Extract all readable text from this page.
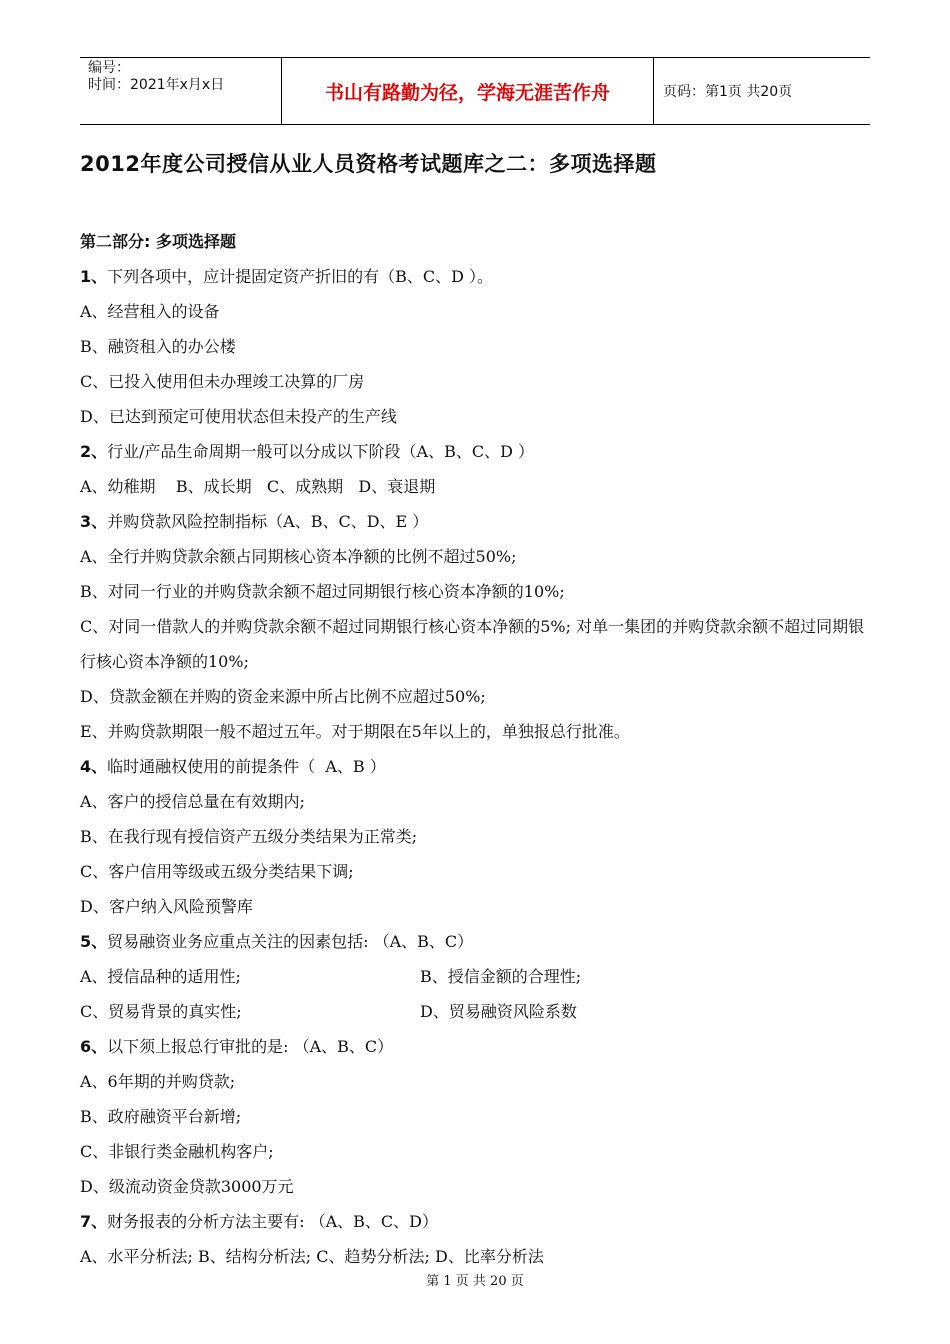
编号：
时间：2021年x月x日	书山有路勤为径，学海无涯苦作舟	页码：第1页 共20页
2012年度公司授信从业人员资格考试题库之二：多项选择题
第二部分: 多项选择题
1、下列各项中，应计提固定资产折旧的有（B、C、D ）。
A、经营租入的设备
B、融资租入的办公楼
C、已投入使用但未办理竣工决算的厂房
D、已达到预定可使用状态但未投产的生产线
2、行业/产品生命周期一般可以分成以下阶段（A、B、C、D ）
A、幼稚期    B、成长期   C、成熟期   D、衰退期
3、并购贷款风险控制指标（A、B、C、D、E ）
A、全行并购贷款余额占同期核心资本净额的比例不超过50%;
B、对同一行业的并购贷款余额不超过同期银行核心资本净额的10%;
C、对同一借款人的并购贷款余额不超过同期银行核心资本净额的5%; 对单一集团的并购贷款余额不超过同期银行核心资本净额的10%;
D、贷款金额在并购的资金来源中所占比例不应超过50%;
E、并购贷款期限一般不超过五年。对于期限在5年以上的，单独报总行批准。
4、临时通融权使用的前提条件（  A、B ）
A、客户的授信总量在有效期内;
B、在我行现有授信资产五级分类结果为正常类;
C、客户信用等级或五级分类结果下调;
D、客户纳入风险预警库
5、贸易融资业务应重点关注的因素包括: （A、B、C）
A、授信品种的适用性;	B、授信金额的合理性;
C、贸易背景的真实性;	D、贸易融资风险系数
6、以下须上报总行审批的是: （A、B、C）
A、6年期的并购贷款;
B、政府融资平台新增;
C、非银行类金融机构客户;
D、级流动资金贷款3000万元
7、财务报表的分析方法主要有: （A、B、C、D）
A、水平分析法; B、结构分析法; C、趋势分析法; D、比率分析法
第 1 页 共 20 页
